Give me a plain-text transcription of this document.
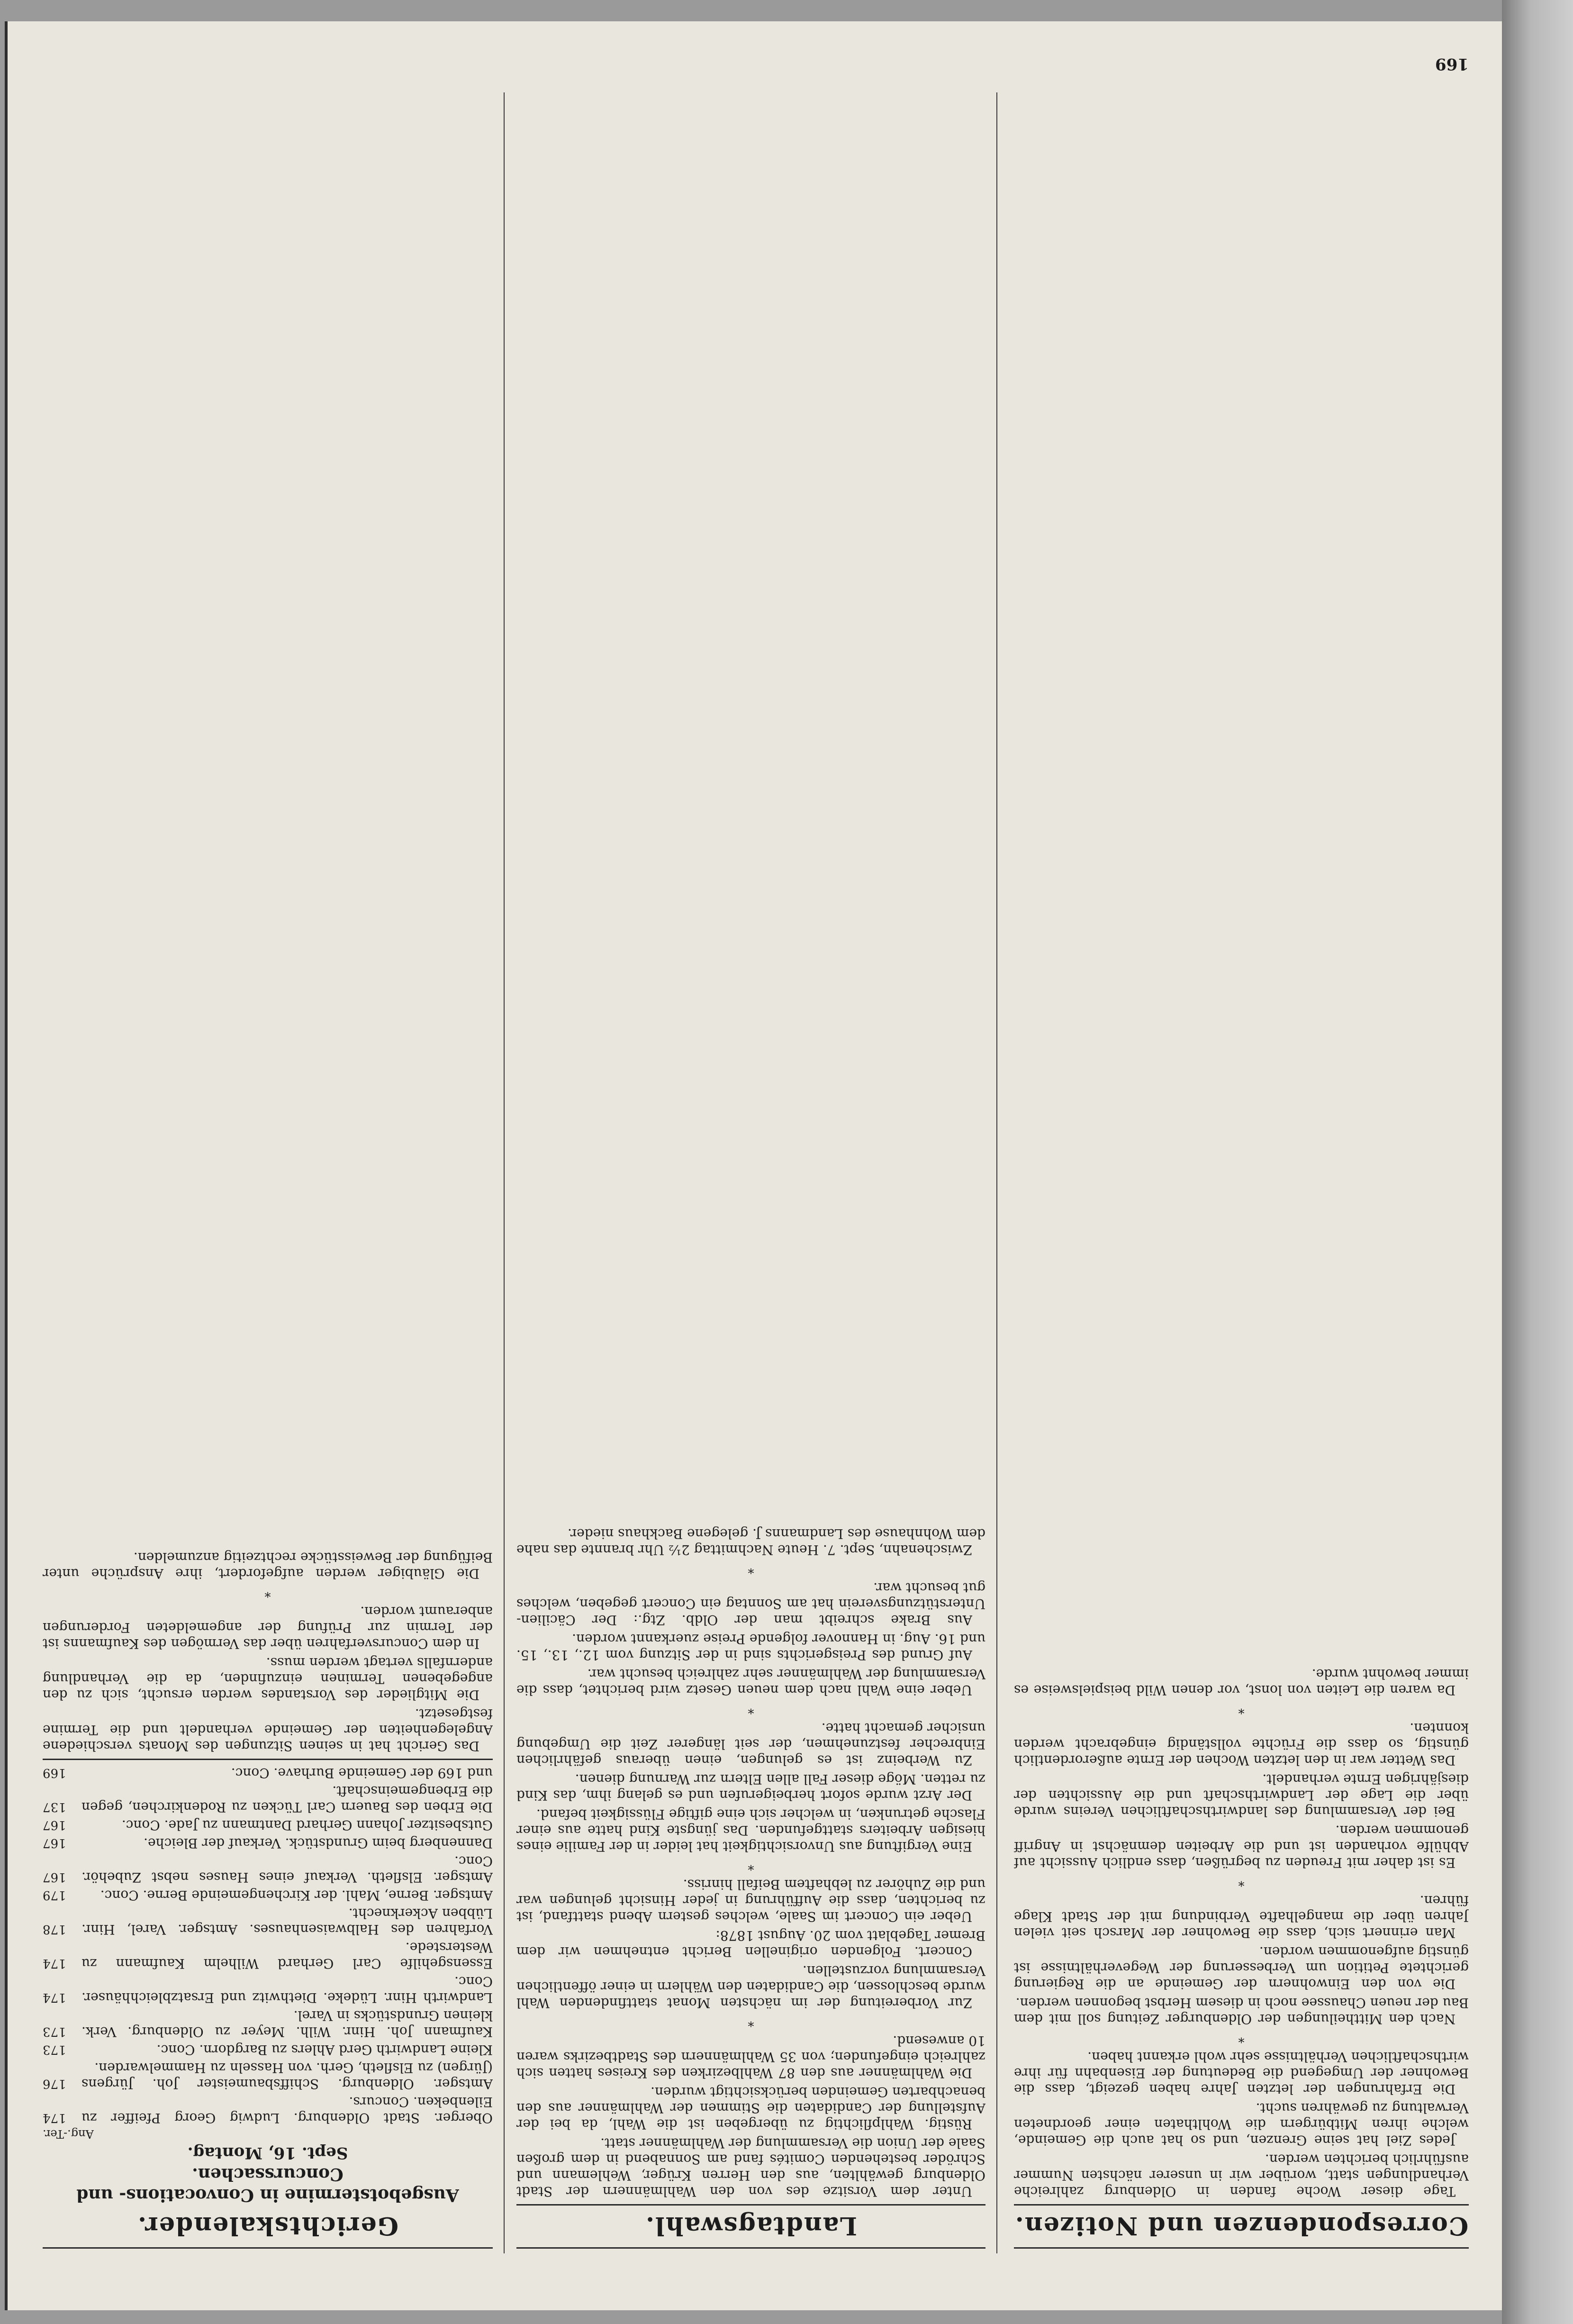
Gerichtskalender.
Ausgebotstermine in Convocations- und Concurssachen.
Sept. 16, Montag.
Ang.-Ter.
Oberger. Stadt Oldenburg. Ludwig Georg Pfeiffer zu Eilenbeken. Concurs.
174
Amtsger. Oldenburg. Schiffsbaumeister Joh. Jürgens (Jürgen) zu Elsfleth, Gerh. von Hasseln zu Hammelwarden.
176
Kleine Landwirth Gerd Ahlers zu Bargdorn. Conc.
173
Kaufmann Joh. Hinr. Wilh. Meyer zu Oldenburg. Verk. kleinen Grundstücks in Varel.
173
Landwirth Hinr. Lüdeke. Diethwitz und Ersatzbleichhäuser. Conc.
174
Essensgehilfe Carl Gerhard Wilhelm Kaufmann zu Westerstede.
174
Vorfahren des Halbwaisenhauses. Amtsger. Varel, Hinr. Lübben Ackerknecht.
178
Amtsger. Berne, Mahl. der Kirchengemeinde Berne. Conc.
179
Amtsger. Elsfleth. Verkauf eines Hauses nebst Zubehör. Conc.
167
Dannenberg beim Grundstück. Verkauf der Bleiche.
167
Gutsbesitzer Johann Gerhard Dantmann zu Jade. Conc.
167
Die Erben des Bauern Carl Tücken zu Rodenkirchen, gegen die Erbengemeinschaft.
137
und 169 der Gemeinde Burhave. Conc.
169

Das Gericht hat in seinen Sitzungen des Monats verschiedene Angelegenheiten der Gemeinde verhandelt und die Termine festgesetzt.

Die Mitglieder des Vorstandes werden ersucht, sich zu den angegebenen Terminen einzufinden, da die Verhandlung andernfalls vertagt werden muss.

In dem Concursverfahren über das Vermögen des Kaufmanns ist der Termin zur Prüfung der angemeldeten Forderungen anberaumt worden.

*

Die Gläubiger werden aufgefordert, ihre Ansprüche unter Beifügung der Beweisstücke rechtzeitig anzumelden.

Landtagswahl.

Unter dem Vorsitze des von den Wahlmännern der Stadt Oldenburg gewählten, aus den Herren Krüger, Wehlemann und Schröder bestehenden Comités fand am Sonnabend in dem großen Saale der Union die Versammlung der Wahlmänner statt.

Rüstig. Wahlpflichtig zu übergeben ist die Wahl, da bei der Aufstellung der Candidaten die Stimmen der Wahlmänner aus den benachbarten Gemeinden berücksichtigt wurden.

Die Wahlmänner aus den 87 Wahlbezirken des Kreises hatten sich zahlreich eingefunden; von 35 Wahlmännern des Stadtbezirks waren 10 anwesend.

*

Zur Vorbereitung der im nächsten Monat stattfindenden Wahl wurde beschlossen, die Candidaten den Wählern in einer öffentlichen Versammlung vorzustellen.

Concert. Folgenden originellen Bericht entnehmen wir dem Bremer Tageblatt vom 20. August 1878:

Ueber ein Concert im Saale, welches gestern Abend stattfand, ist zu berichten, dass die Aufführung in jeder Hinsicht gelungen war und die Zuhörer zu lebhaftem Beifall hinriss.

*

Eine Vergiftung aus Unvorsichtigkeit hat leider in der Familie eines hiesigen Arbeiters stattgefunden. Das jüngste Kind hatte aus einer Flasche getrunken, in welcher sich eine giftige Flüssigkeit befand.

Der Arzt wurde sofort herbeigerufen und es gelang ihm, das Kind zu retten. Möge dieser Fall allen Eltern zur Warnung dienen.

Zu Werbeinz ist es gelungen, einen überaus gefährlichen Einbrecher festzunehmen, der seit längerer Zeit die Umgebung unsicher gemacht hatte.

*

Ueber eine Wahl nach dem neuen Gesetz wird berichtet, dass die Versammlung der Wahlmänner sehr zahlreich besucht war.

Auf Grund des Preisgerichts sind in der Sitzung vom 12., 13., 15. und 16. Aug. in Hannover folgende Preise zuerkannt worden.

Aus Brake schreibt man der Oldb. Ztg.: Der Cäcilien-Unterstützungsverein hat am Sonntag ein Concert gegeben, welches gut besucht war.

*

Zwischenahn, Sept. 7. Heute Nachmittag 2½ Uhr brannte das nahe dem Wohnhause des Landmanns J. gelegene Backhaus nieder.

Correspondenzen und Notizen.

Tage dieser Woche fanden in Oldenburg zahlreiche Verhandlungen statt, worüber wir in unserer nächsten Nummer ausführlich berichten werden.

Jedes Ziel hat seine Grenzen, und so hat auch die Gemeinde, welche ihren Mitbürgern die Wohlthaten einer geordneten Verwaltung zu gewähren sucht.

Die Erfahrungen der letzten Jahre haben gezeigt, dass die Bewohner der Umgegend die Bedeutung der Eisenbahn für ihre wirthschaftlichen Verhältnisse sehr wohl erkannt haben.

*

Nach den Mittheilungen der Oldenburger Zeitung soll mit dem Bau der neuen Chaussee noch in diesem Herbst begonnen werden.

Die von den Einwohnern der Gemeinde an die Regierung gerichtete Petition um Verbesserung der Wegeverhältnisse ist günstig aufgenommen worden.

Man erinnert sich, dass die Bewohner der Marsch seit vielen Jahren über die mangelhafte Verbindung mit der Stadt Klage führen.

*

Es ist daher mit Freuden zu begrüßen, dass endlich Aussicht auf Abhülfe vorhanden ist und die Arbeiten demnächst in Angriff genommen werden.

Bei der Versammlung des landwirthschaftlichen Vereins wurde über die Lage der Landwirthschaft und die Aussichten der diesjährigen Ernte verhandelt.

Das Wetter war in den letzten Wochen der Ernte außerordentlich günstig, so dass die Früchte vollständig eingebracht werden konnten.

*

Da waren die Leiten von lonst, vor denen Wild beispielsweise es immer bewohnt wurde.

169
